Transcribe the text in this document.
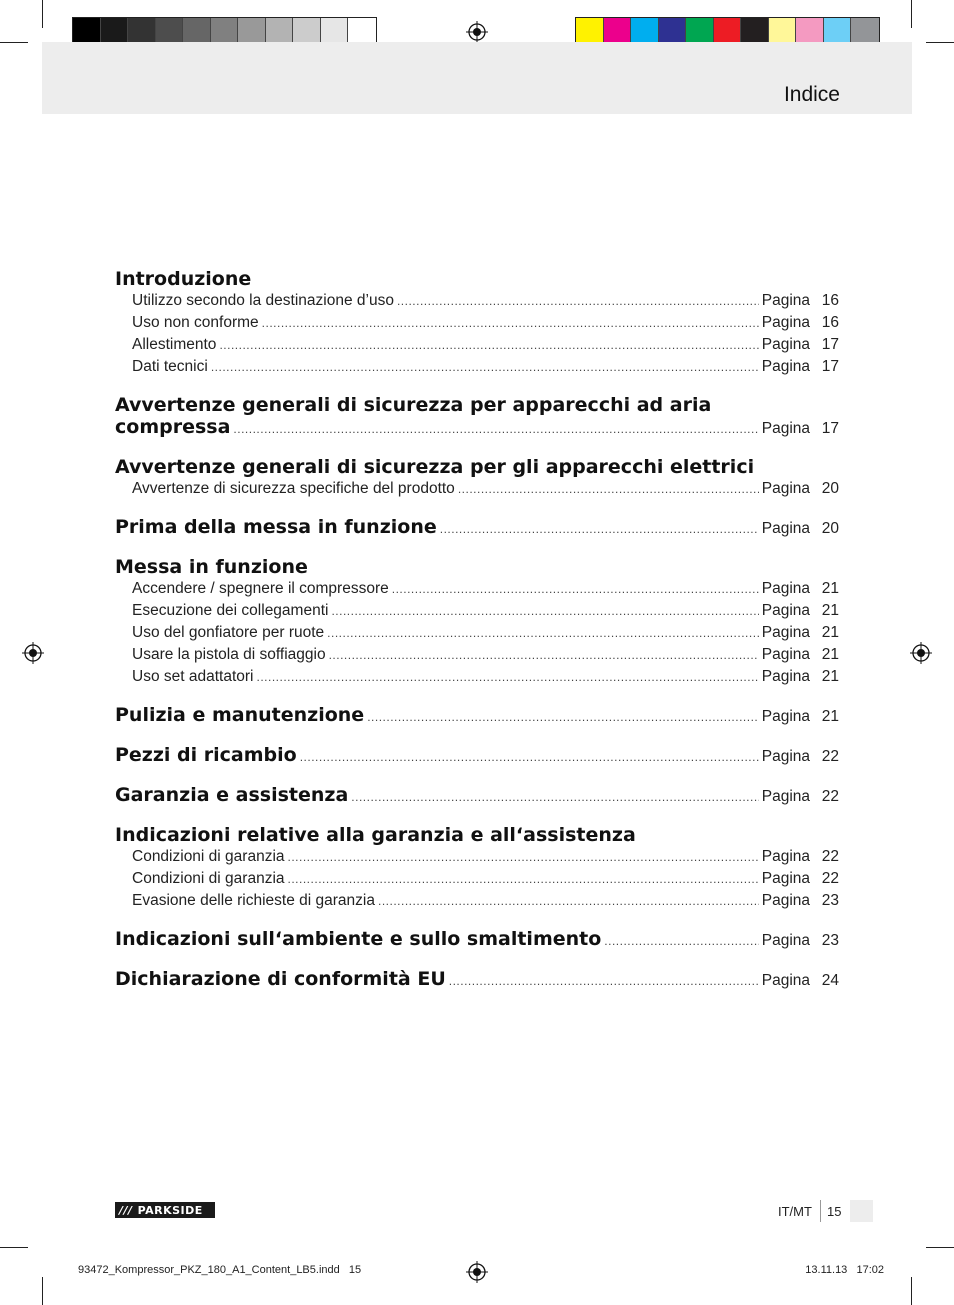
Indice
Introduzione
Utilizzo secondo la destinazione d’uso .....	Pagina 16
Uso non conforme .....	Pagina 16
Allestimento .....	Pagina 17
Dati tecnici .....	Pagina 17
Avvertenze generali di sicurezza per apparecchi ad aria
compressa .....	Pagina 17
Avvertenze generali di sicurezza per gli apparecchi elettrici
Avvertenze di sicurezza specifiche del prodotto .....	Pagina 20
Prima della messa in funzione .....	Pagina 20
Messa in funzione
Accendere / spegnere il compressore .....	Pagina 21
Esecuzione dei collegamenti .....	Pagina 21
Uso del gonfiatore per ruote .....	Pagina 21
Usare la pistola di soffiaggio .....	Pagina 21
Uso set adattatori .....	Pagina 21
Pulizia e manutenzione .....	Pagina 21
Pezzi di ricambio .....	Pagina 22
Garanzia e assistenza .....	Pagina 22
Indicazioni relative alla garanzia e all‘assistenza
Condizioni di garanzia .....	Pagina 22
Condizioni di garanzia .....	Pagina 22
Evasione delle richieste di garanzia .....	Pagina 23
Indicazioni sull‘ambiente e sullo smaltimento .....	Pagina 23
Dichiarazione di conformità EU .....	Pagina 24
/// PARKSIDE	IT/MT 15
93472_Kompressor_PKZ_180_A1_Content_LB5.indd   15	13.11.13   17:02
